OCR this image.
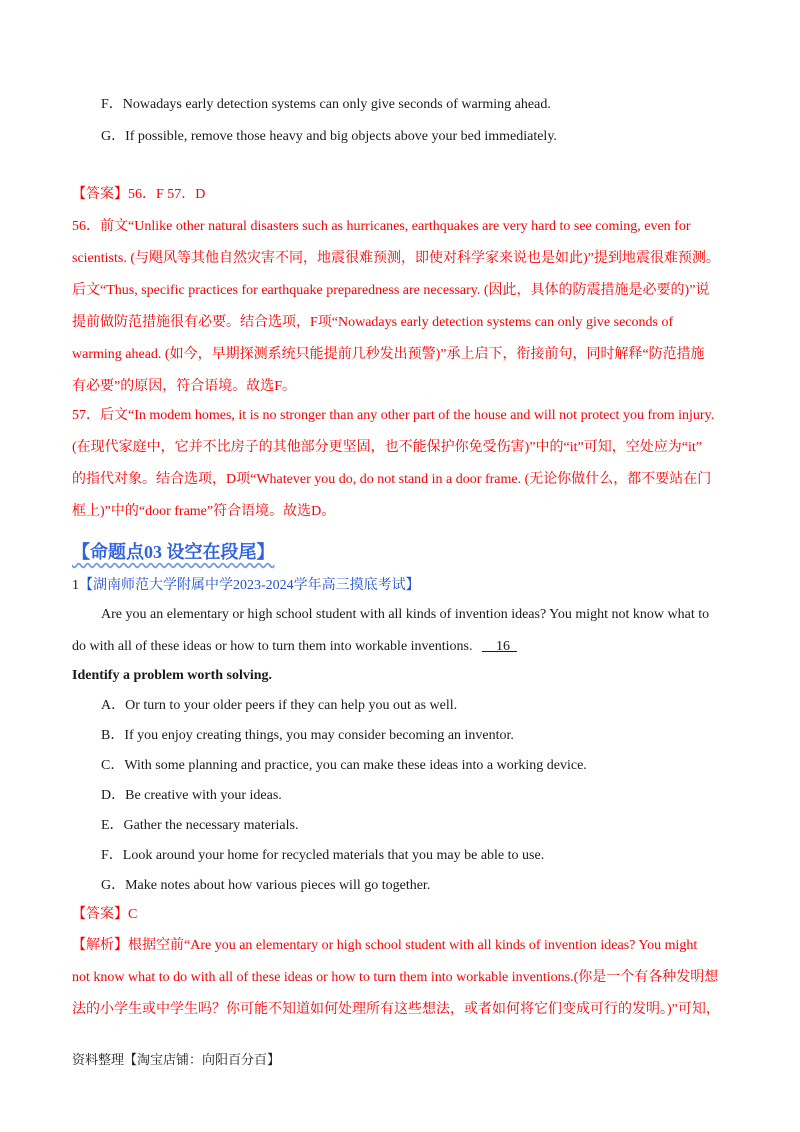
F．Nowadays early detection systems can only give seconds of warming ahead.
G．If possible, remove those heavy and big objects above your bed immediately.
【答案】56．F 57．D
56．前文“Unlike other natural disasters such as hurricanes, earthquakes are very hard to see coming, even for
scientists. (与飓风等其他自然灾害不同，地震很难预测，即使对科学家来说也是如此)”提到地震很难预测。
后文“Thus, specific practices for earthquake preparedness are necessary. (因此，具体的防震措施是必要的)”说
提前做防范措施很有必要。结合选项，F项“Nowadays early detection systems can only give seconds of
warming ahead. (如今，早期探测系统只能提前几秒发出预警)”承上启下，衔接前句，同时解释“防范措施
有必要”的原因，符合语境。故选F。
57．后文“In modem homes, it is no stronger than any other part of the house and will not protect you from injury.
(在现代家庭中，它并不比房子的其他部分更坚固，也不能保护你免受伤害)”中的“it”可知，空处应为“it”
的指代对象。结合选项，D项“Whatever you do, do not stand in a door frame. (无论你做什么，都不要站在门
框上)”中的“door frame”符合语境。故选D。
【命题点03 设空在段尾】
1【湖南师范大学附属中学2023-2024学年高三摸底考试】
Are you an elementary or high school student with all kinds of invention ideas? You might not know what to
do with all of these ideas or how to turn them into workable inventions. 16
Identify a problem worth solving.
A．Or turn to your older peers if they can help you out as well.
B．If you enjoy creating things, you may consider becoming an inventor.
C．With some planning and practice, you can make these ideas into a working device.
D．Be creative with your ideas.
E．Gather the necessary materials.
F．Look around your home for recycled materials that you may be able to use.
G．Make notes about how various pieces will go together.
【答案】C
【解析】根据空前“Are you an elementary or high school student with all kinds of invention ideas? You might
not know what to do with all of these ideas or how to turn them into workable inventions.(你是一个有各种发明想
法的小学生或中学生吗？你可能不知道如何处理所有这些想法，或者如何将它们变成可行的发明。)”可知，
资料整理【淘宝店铺：向阳百分百】
